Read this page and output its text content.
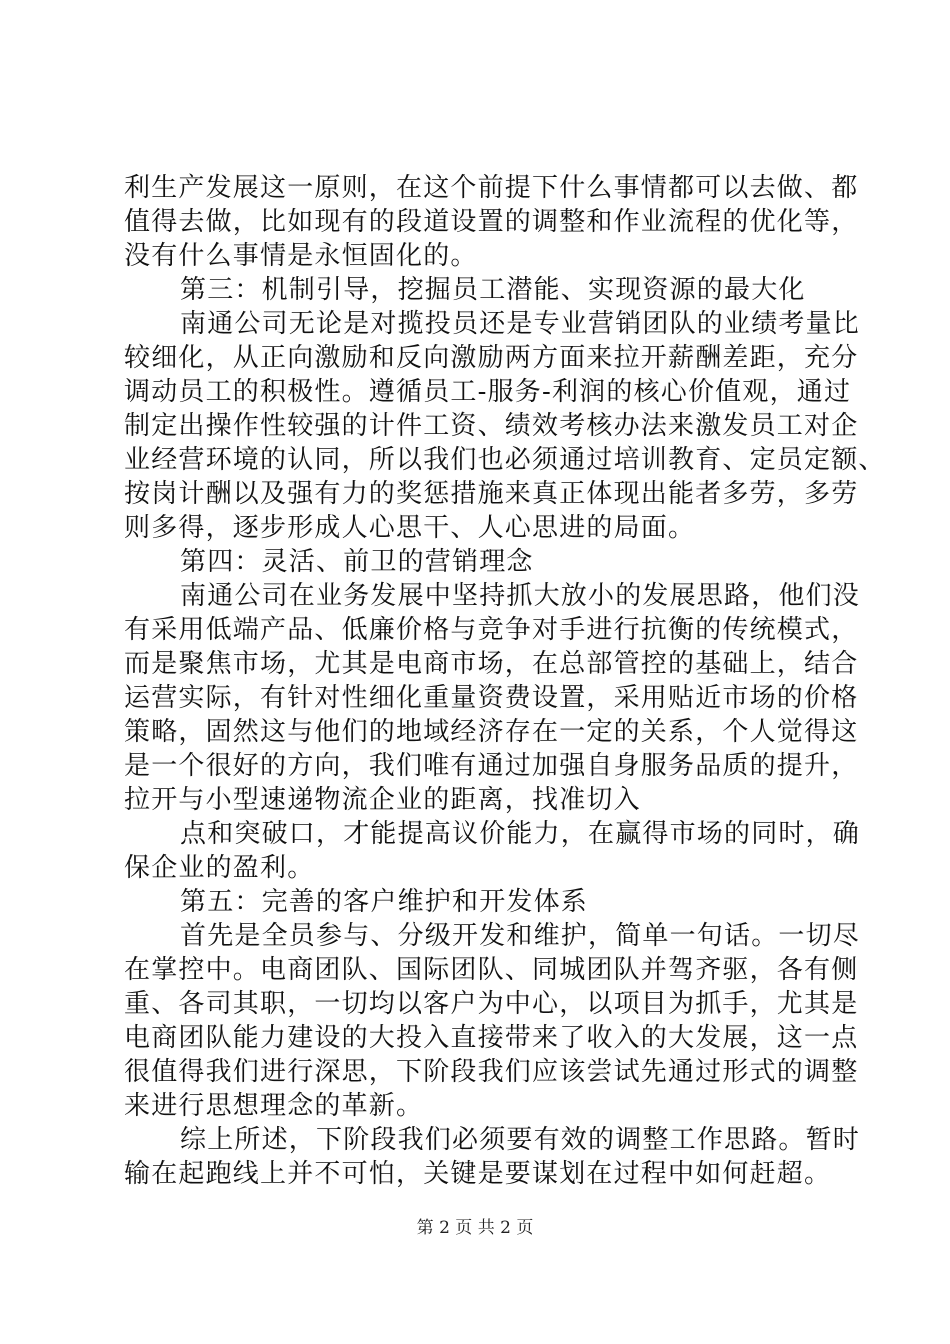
利生产发展这一原则，在这个前提下什么事情都可以去做、都
值得去做，比如现有的段道设置的调整和作业流程的优化等，
没有什么事情是永恒固化的。
第三：机制引导，挖掘员工潜能、实现资源的最大化
南通公司无论是对揽投员还是专业营销团队的业绩考量比
较细化，从正向激励和反向激励两方面来拉开薪酬差距，充分
调动员工的积极性。遵循员工-服务-利润的核心价值观，通过
制定出操作性较强的计件工资、绩效考核办法来激发员工对企
业经营环境的认同，所以我们也必须通过培训教育、定员定额、
按岗计酬以及强有力的奖惩措施来真正体现出能者多劳，多劳
则多得，逐步形成人心思干、人心思进的局面。
第四：灵活、前卫的营销理念
南通公司在业务发展中坚持抓大放小的发展思路，他们没
有采用低端产品、低廉价格与竞争对手进行抗衡的传统模式，
而是聚焦市场，尤其是电商市场，在总部管控的基础上，结合
运营实际，有针对性细化重量资费设置，采用贴近市场的价格
策略，固然这与他们的地域经济存在一定的关系，个人觉得这
是一个很好的方向，我们唯有通过加强自身服务品质的提升，
拉开与小型速递物流企业的距离，找准切入
点和突破口，才能提高议价能力，在赢得市场的同时，确
保企业的盈利。
第五：完善的客户维护和开发体系
首先是全员参与、分级开发和维护，简单一句话。一切尽
在掌控中。电商团队、国际团队、同城团队并驾齐驱，各有侧
重、各司其职，一切均以客户为中心，以项目为抓手，尤其是
电商团队能力建设的大投入直接带来了收入的大发展，这一点
很值得我们进行深思，下阶段我们应该尝试先通过形式的调整
来进行思想理念的革新。
综上所述，下阶段我们必须要有效的调整工作思路。暂时
输在起跑线上并不可怕，关键是要谋划在过程中如何赶超。
第 2 页 共 2 页
